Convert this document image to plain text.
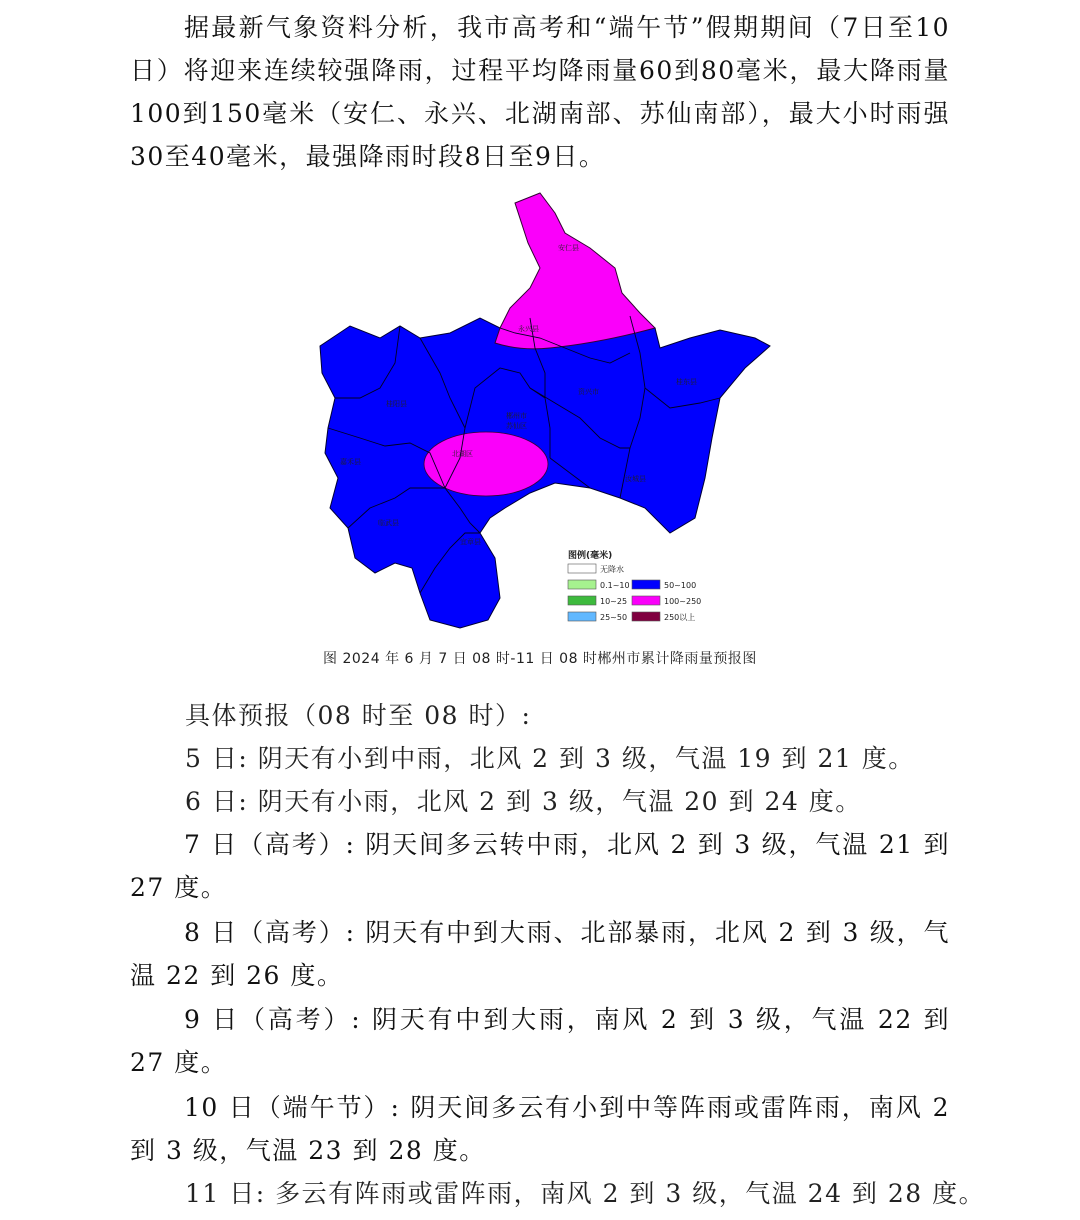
据最新气象资料分析，我市高考和“端午节”假期期间（7日至10日）将迎来连续较强降雨，过程平均降雨量60到80毫米，最大降雨量100到150毫米（安仁、永兴、北湖南部、苏仙南部），最大小时雨强30至40毫米，最强降雨时段8日至9日。

安仁县
永兴县
资兴市
桂东县
汝城县
宜章县
临武县
嘉禾县
桂阳县
郴州市
北湖区
苏仙区
图例(毫米)
无降水
0.1~10
10~25
25~50
50~100
100~250
250以上
图 2024 年 6 月 7 日 08 时-11 日 08 时郴州市累计降雨量预报图

具体预报（08 时至 08 时）:

5 日: 阴天有小到中雨，北风 2 到 3 级，气温 19 到 21 度。

6 日: 阴天有小雨，北风 2 到 3 级，气温 20 到 24 度。

7 日（高考）: 阴天间多云转中雨，北风 2 到 3 级，气温 21 到 27 度。

8 日（高考）: 阴天有中到大雨、北部暴雨，北风 2 到 3 级，气温 22 到 26 度。

9 日（高考）: 阴天有中到大雨，南风 2 到 3 级，气温 22 到 27 度。

10 日（端午节）: 阴天间多云有小到中等阵雨或雷阵雨，南风 2 到 3 级，气温 23 到 28 度。

11 日: 多云有阵雨或雷阵雨，南风 2 到 3 级，气温 24 到 28 度。
